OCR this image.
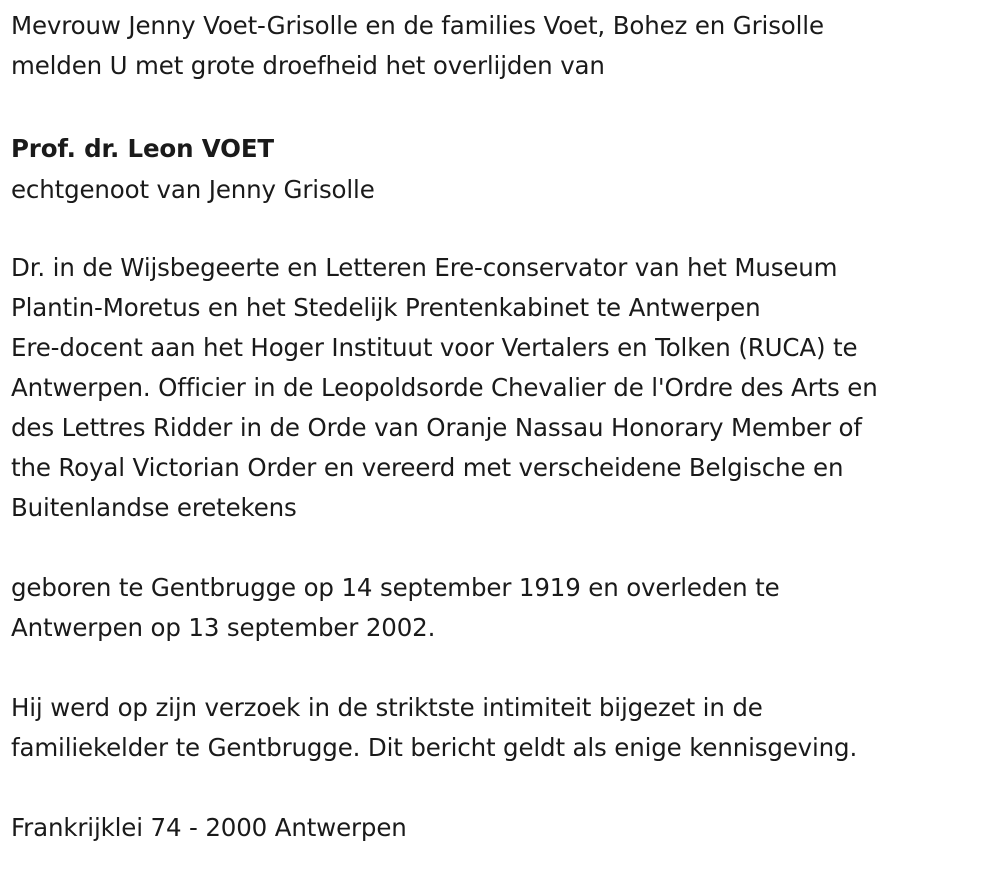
Mevrouw Jenny Voet-Grisolle en de families Voet, Bohez en Grisolle
melden U met grote droefheid het overlijden van
Prof. dr. Leon VOET
echtgenoot van Jenny Grisolle
Dr. in de Wijsbegeerte en Letteren Ere-conservator van het Museum
Plantin-Moretus en het Stedelijk Prentenkabinet te Antwerpen
Ere-docent aan het Hoger Instituut voor Vertalers en Tolken (RUCA) te
Antwerpen. Officier in de Leopoldsorde Chevalier de l'Ordre des Arts en
des Lettres Ridder in de Orde van Oranje Nassau Honorary Member of
the Royal Victorian Order en vereerd met verscheidene Belgische en
Buitenlandse eretekens
geboren te Gentbrugge op 14 september 1919 en overleden te
Antwerpen op 13 september 2002.
Hij werd op zijn verzoek in de striktste intimiteit bijgezet in de
familiekelder te Gentbrugge. Dit bericht geldt als enige kennisgeving.
Frankrijklei 74 - 2000 Antwerpen
